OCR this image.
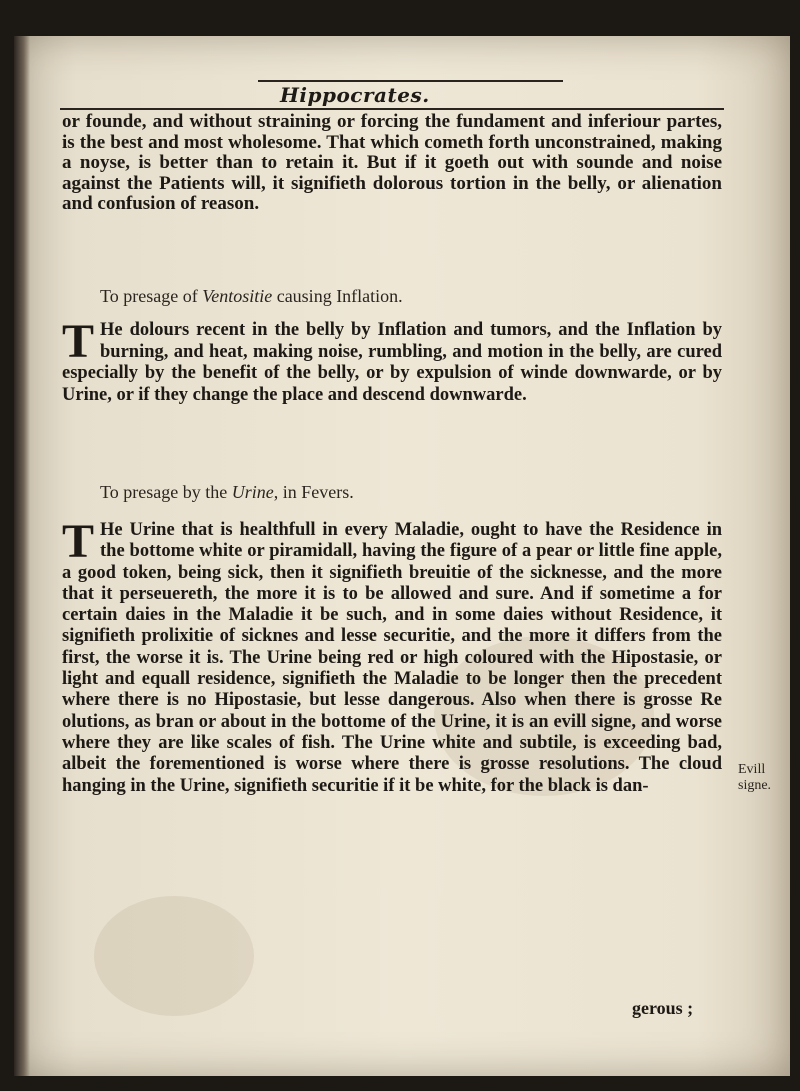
Hippocrates.
or founde, and without straining or forcing the fundament and inferiour partes, is the best and most wholesome. That which cometh forth unconstrained, making a noyse, is better than to retain it. But if it goeth out with sounde and noise against the Patients will, it signifieth dolorous tortion in the belly, or alienation and confusion of reason.
To presage of Ventositie causing Inflation.
T He dolours recent in the belly by Inflation and tumors, and the Inflation by burning, and heat, making noise, rumbling, and motion in the belly, are cured especially by the benefit of the belly, or by expulsion of winde downwarde, or by Urine, or if they change the place and descend downwarde.
To presage by the Urine, in Fevers.
T He Urine that is healthfull in every Maladie, ought to have the Residence in the bottome white or piramidall, having the figure of a pear or little fine apple, a good token, being sick, then it signifieth breuitie of the sicknesse, and the more that it perseuereth, the more it is to be allowed and sure. And if sometime a for certain daies in the Maladie it be such, and in some daies without Residence, it signifieth prolixitie of sicknes and lesse securitie, and the more it differs from the first, the worse it is. The Urine being red or high coloured with the Hipostasie, or light and equall residence, signifieth the Maladie to be longer then the precedent where there is no Hipostasie, but lesse dangerous. Also when there is grosse Re olutions, as bran or about in the bottome of the Urine, it is an evill signe, and worse where they are like scales of fish. The Urine white and subtile, is exceeding bad, albeit the forementioned is worse where there is grosse resolutions. The cloud hanging in the Urine, signifieth securitie if it be white, for the black is dan-
Evill signe.
gerous ;
